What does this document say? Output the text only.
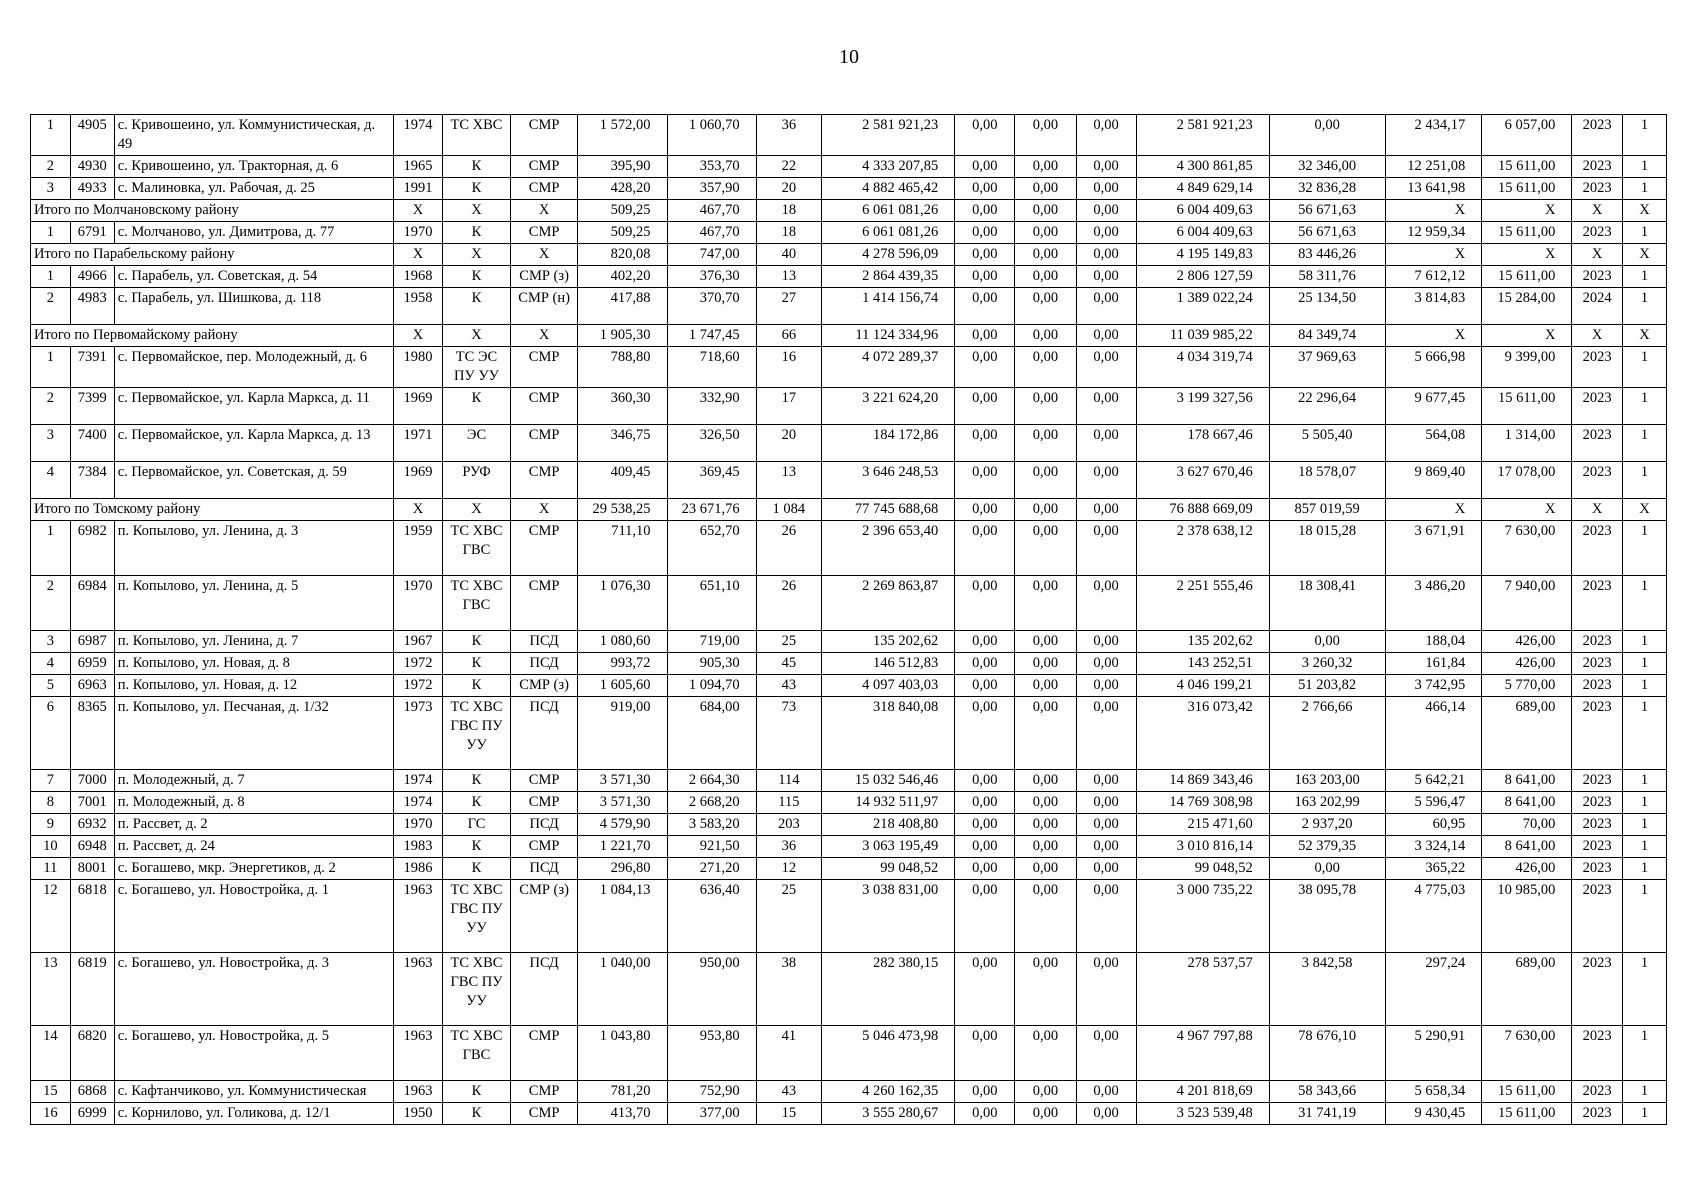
10
1	4905	с. Кривошеино, ул. Коммунистическая, д. 49	1974	ТС ХВС	СМР	1 572,00	1 060,70	36	2 581 921,23	0,00	0,00	0,00	2 581 921,23	0,00	2 434,17	6 057,00	2023	1
2	4930	с. Кривошеино, ул. Тракторная, д. 6	1965	К	СМР	395,90	353,70	22	4 333 207,85	0,00	0,00	0,00	4 300 861,85	32 346,00	12 251,08	15 611,00	2023	1
3	4933	с. Малиновка, ул. Рабочая, д. 25	1991	К	СМР	428,20	357,90	20	4 882 465,42	0,00	0,00	0,00	4 849 629,14	32 836,28	13 641,98	15 611,00	2023	1
Итого по Молчановскому району			Х	Х	Х	509,25	467,70	18	6 061 081,26	0,00	0,00	0,00	6 004 409,63	56 671,63	Х	Х	Х	Х
1	6791	с. Молчаново, ул. Димитрова, д. 77	1970	К	СМР	509,25	467,70	18	6 061 081,26	0,00	0,00	0,00	6 004 409,63	56 671,63	12 959,34	15 611,00	2023	1
Итого по Парабельскому району			Х	Х	Х	820,08	747,00	40	4 278 596,09	0,00	0,00	0,00	4 195 149,83	83 446,26	Х	Х	Х	Х
1	4966	с. Парабель, ул. Советская, д. 54	1968	К	СМР (з)	402,20	376,30	13	2 864 439,35	0,00	0,00	0,00	2 806 127,59	58 311,76	7 612,12	15 611,00	2023	1
2	4983	с. Парабель, ул. Шишкова, д. 118	1958	К	СМР (н)	417,88	370,70	27	1 414 156,74	0,00	0,00	0,00	1 389 022,24	25 134,50	3 814,83	15 284,00	2024	1
Итого по Первомайскому району			Х	Х	Х	1 905,30	1 747,45	66	11 124 334,96	0,00	0,00	0,00	11 039 985,22	84 349,74	Х	Х	Х	Х
1	7391	с. Первомайское, пер. Молодежный, д. 6	1980	ТС ЭС ПУ УУ	СМР	788,80	718,60	16	4 072 289,37	0,00	0,00	0,00	4 034 319,74	37 969,63	5 666,98	9 399,00	2023	1
2	7399	с. Первомайское, ул. Карла Маркса, д. 11	1969	К	СМР	360,30	332,90	17	3 221 624,20	0,00	0,00	0,00	3 199 327,56	22 296,64	9 677,45	15 611,00	2023	1
3	7400	с. Первомайское, ул. Карла Маркса, д. 13	1971	ЭС	СМР	346,75	326,50	20	184 172,86	0,00	0,00	0,00	178 667,46	5 505,40	564,08	1 314,00	2023	1
4	7384	с. Первомайское, ул. Советская, д. 59	1969	РУФ	СМР	409,45	369,45	13	3 646 248,53	0,00	0,00	0,00	3 627 670,46	18 578,07	9 869,40	17 078,00	2023	1
Итого по Томскому району			Х	Х	Х	29 538,25	23 671,76	1 084	77 745 688,68	0,00	0,00	0,00	76 888 669,09	857 019,59	Х	Х	Х	Х
1	6982	п. Копылово, ул. Ленина, д. 3	1959	ТС ХВС ГВС	СМР	711,10	652,70	26	2 396 653,40	0,00	0,00	0,00	2 378 638,12	18 015,28	3 671,91	7 630,00	2023	1
2	6984	п. Копылово, ул. Ленина, д. 5	1970	ТС ХВС ГВС	СМР	1 076,30	651,10	26	2 269 863,87	0,00	0,00	0,00	2 251 555,46	18 308,41	3 486,20	7 940,00	2023	1
3	6987	п. Копылово, ул. Ленина, д. 7	1967	К	ПСД	1 080,60	719,00	25	135 202,62	0,00	0,00	0,00	135 202,62	0,00	188,04	426,00	2023	1
4	6959	п. Копылово, ул. Новая, д. 8	1972	К	ПСД	993,72	905,30	45	146 512,83	0,00	0,00	0,00	143 252,51	3 260,32	161,84	426,00	2023	1
5	6963	п. Копылово, ул. Новая, д. 12	1972	К	СМР (з)	1 605,60	1 094,70	43	4 097 403,03	0,00	0,00	0,00	4 046 199,21	51 203,82	3 742,95	5 770,00	2023	1
6	8365	п. Копылово, ул. Песчаная, д. 1/32	1973	ТС ХВС ГВС ПУ УУ	ПСД	919,00	684,00	73	318 840,08	0,00	0,00	0,00	316 073,42	2 766,66	466,14	689,00	2023	1
7	7000	п. Молодежный, д. 7	1974	К	СМР	3 571,30	2 664,30	114	15 032 546,46	0,00	0,00	0,00	14 869 343,46	163 203,00	5 642,21	8 641,00	2023	1
8	7001	п. Молодежный, д. 8	1974	К	СМР	3 571,30	2 668,20	115	14 932 511,97	0,00	0,00	0,00	14 769 308,98	163 202,99	5 596,47	8 641,00	2023	1
9	6932	п. Рассвет, д. 2	1970	ГС	ПСД	4 579,90	3 583,20	203	218 408,80	0,00	0,00	0,00	215 471,60	2 937,20	60,95	70,00	2023	1
10	6948	п. Рассвет, д. 24	1983	К	СМР	1 221,70	921,50	36	3 063 195,49	0,00	0,00	0,00	3 010 816,14	52 379,35	3 324,14	8 641,00	2023	1
11	8001	с. Богашево, мкр. Энергетиков, д. 2	1986	К	ПСД	296,80	271,20	12	99 048,52	0,00	0,00	0,00	99 048,52	0,00	365,22	426,00	2023	1
12	6818	с. Богашево, ул. Новостройка, д. 1	1963	ТС ХВС ГВС ПУ УУ	СМР (з)	1 084,13	636,40	25	3 038 831,00	0,00	0,00	0,00	3 000 735,22	38 095,78	4 775,03	10 985,00	2023	1
13	6819	с. Богашево, ул. Новостройка, д. 3	1963	ТС ХВС ГВС ПУ УУ	ПСД	1 040,00	950,00	38	282 380,15	0,00	0,00	0,00	278 537,57	3 842,58	297,24	689,00	2023	1
14	6820	с. Богашево, ул. Новостройка, д. 5	1963	ТС ХВС ГВС	СМР	1 043,80	953,80	41	5 046 473,98	0,00	0,00	0,00	4 967 797,88	78 676,10	5 290,91	7 630,00	2023	1
15	6868	с. Кафтанчиково, ул. Коммунистическая	1963	К	СМР	781,20	752,90	43	4 260 162,35	0,00	0,00	0,00	4 201 818,69	58 343,66	5 658,34	15 611,00	2023	1
16	6999	с. Корнилово, ул. Голикова, д. 12/1	1950	К	СМР	413,70	377,00	15	3 555 280,67	0,00	0,00	0,00	3 523 539,48	31 741,19	9 430,45	15 611,00	2023	1
